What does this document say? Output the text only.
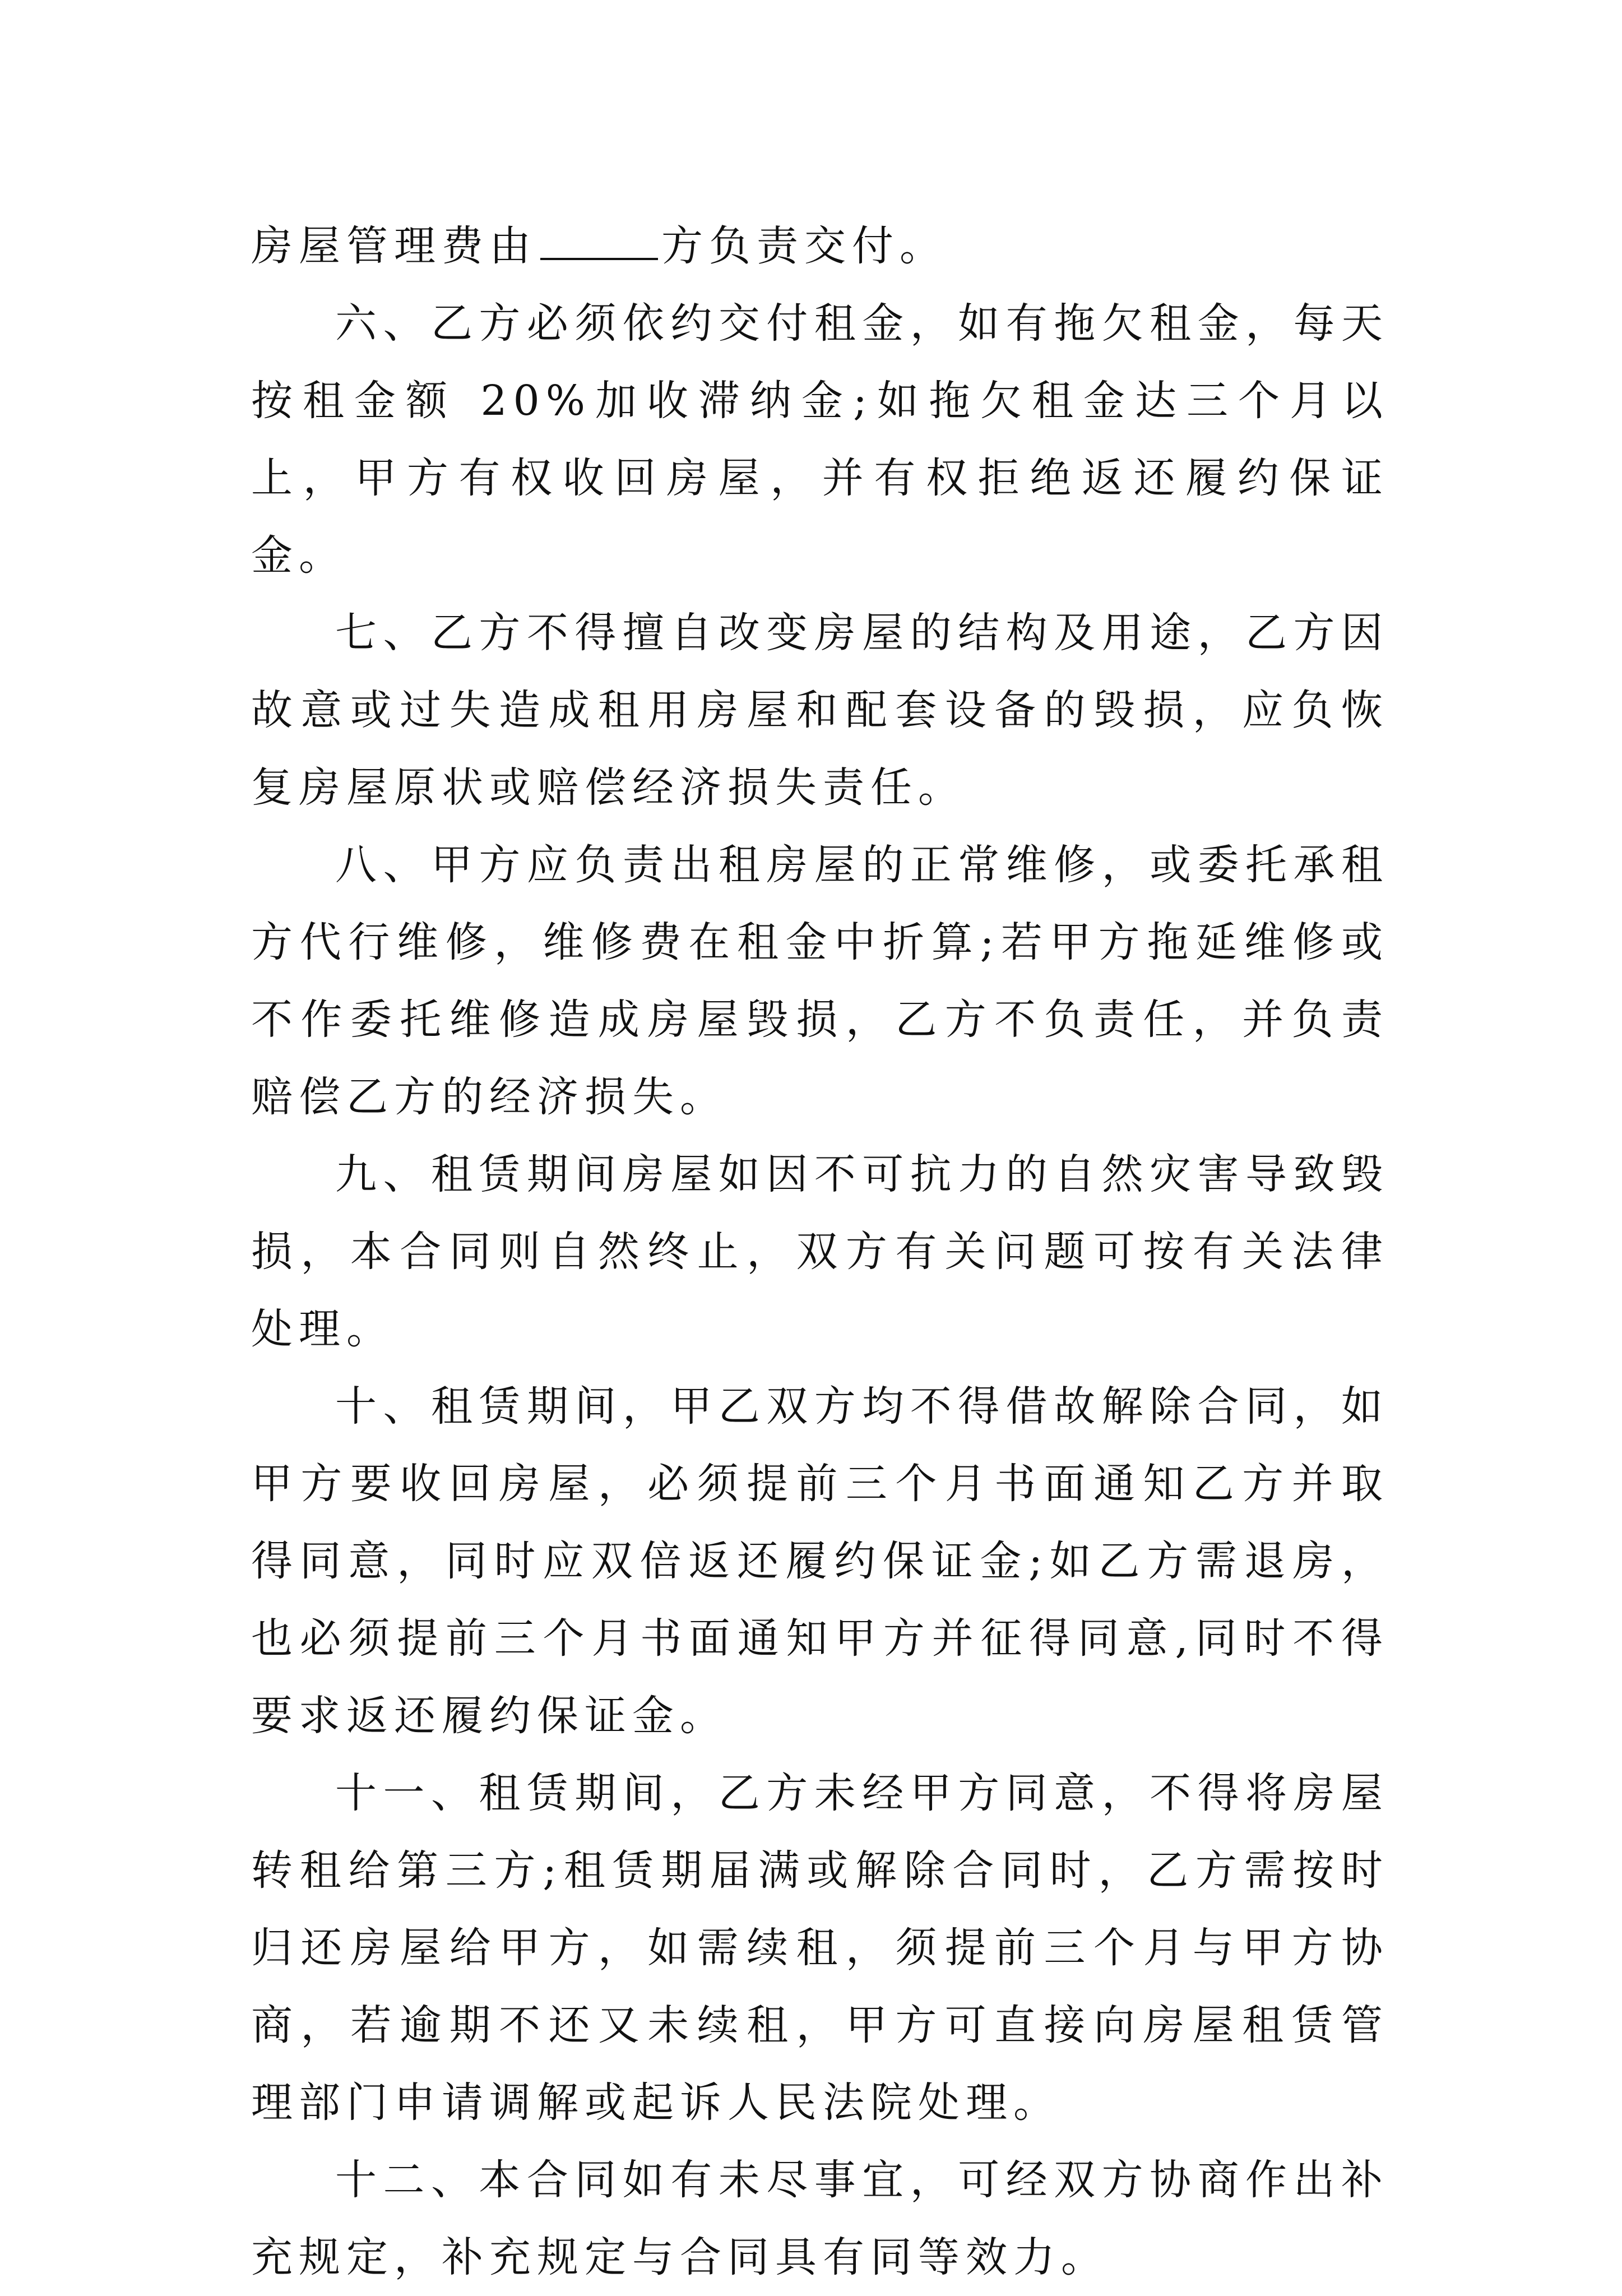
房屋管理费由	方负责交付。

六、乙方必须依约交付租金，如有拖欠租金，每天按租金额 20%加收滞纳金;如拖欠租金达三个月以上，甲方有权收回房屋，并有权拒绝返还履约保证金。

七、乙方不得擅自改变房屋的结构及用途，乙方因故意或过失造成租用房屋和配套设备的毁损，应负恢复房屋原状或赔偿经济损失责任。

八、甲方应负责出租房屋的正常维修，或委托承租方代行维修，维修费在租金中折算;若甲方拖延维修或不作委托维修造成房屋毁损，乙方不负责任，并负责赔偿乙方的经济损失。

九、租赁期间房屋如因不可抗力的自然灾害导致毁损，本合同则自然终止，双方有关问题可按有关法律处理。

十、租赁期间，甲乙双方均不得借故解除合同，如甲方要收回房屋，必须提前三个月书面通知乙方并取得同意，同时应双倍返还履约保证金;如乙方需退房，也必须提前三个月书面通知甲方并征得同意,同时不得要求返还履约保证金。

十一、租赁期间，乙方未经甲方同意，不得将房屋转租给第三方;租赁期届满或解除合同时，乙方需按时归还房屋给甲方，如需续租，须提前三个月与甲方协商，若逾期不还又未续租，甲方可直接向房屋租赁管理部门申请调解或起诉人民法院处理。

十二、本合同如有未尽事宜，可经双方协商作出补充规定，补充规定与合同具有同等效力。
